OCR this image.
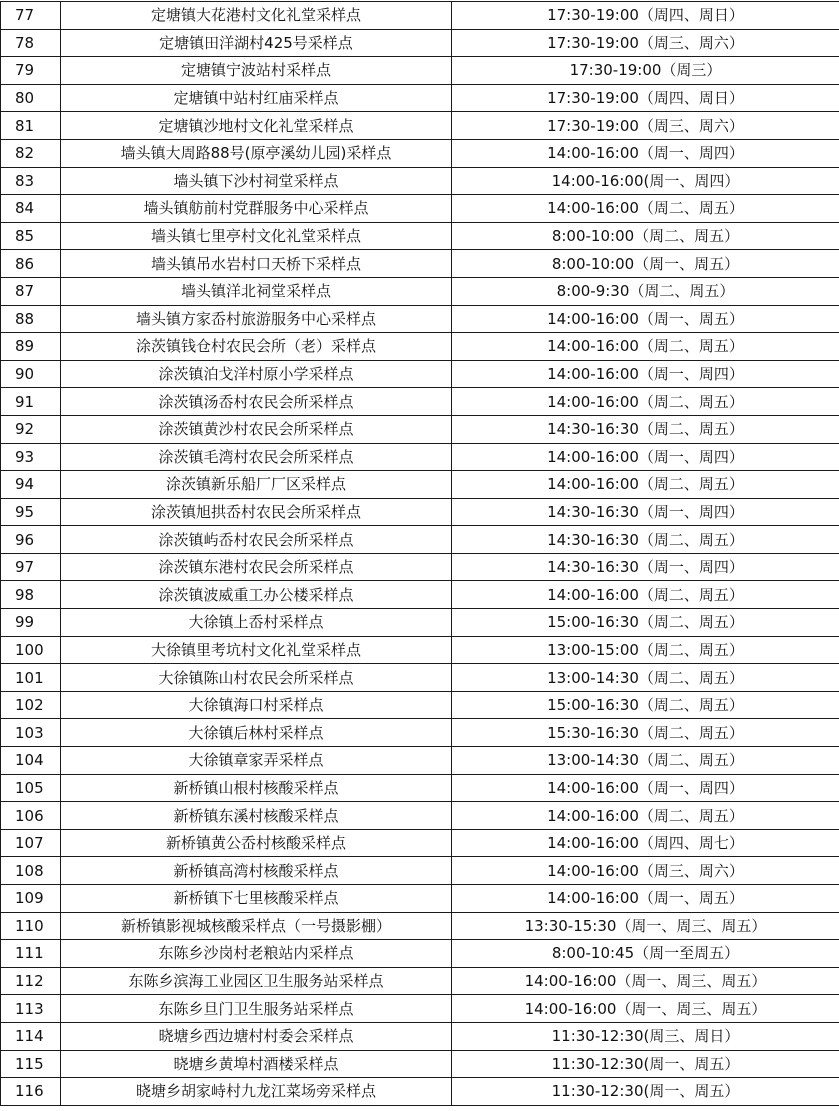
77	定塘镇大花港村文化礼堂采样点	17:30-19:00（周四、周日）
78	定塘镇田洋湖村425号采样点	17:30-19:00（周三、周六）
79	定塘镇宁波站村采样点	17:30-19:00（周三）
80	定塘镇中站村红庙采样点	17:30-19:00（周四、周日）
81	定塘镇沙地村文化礼堂采样点	17:30-19:00（周三、周六）
82	墙头镇大周路88号(原亭溪幼儿园)采样点	14:00-16:00（周一、周四）
83	墙头镇下沙村祠堂采样点	14:00-16:00(周一、周四）
84	墙头镇舫前村党群服务中心采样点	14:00-16:00（周二、周五）
85	墙头镇七里亭村文化礼堂采样点	8:00-10:00（周二、周五）
86	墙头镇吊水岩村口天桥下采样点	8:00-10:00（周一、周五）
87	墙头镇洋北祠堂采样点	8:00-9:30（周二、周五）
88	墙头镇方家岙村旅游服务中心采样点	14:00-16:00（周一、周五）
89	涂茨镇钱仓村农民会所（老）采样点	14:00-16:00（周二、周五）
90	涂茨镇泊戈洋村原小学采样点	14:00-16:00（周一、周四）
91	涂茨镇汤岙村农民会所采样点	14:00-16:00（周二、周五）
92	涂茨镇黄沙村农民会所采样点	14:30-16:30（周二、周五）
93	涂茨镇毛湾村农民会所采样点	14:00-16:00（周一、周四）
94	涂茨镇新乐船厂厂区采样点	14:00-16:00（周二、周五）
95	涂茨镇旭拱岙村农民会所采样点	14:30-16:30（周一、周四）
96	涂茨镇屿岙村农民会所采样点	14:30-16:30（周二、周五）
97	涂茨镇东港村农民会所采样点	14:30-16:30（周一、周四）
98	涂茨镇波威重工办公楼采样点	14:00-16:00（周二、周五）
99	大徐镇上岙村采样点	15:00-16:30（周二、周五）
100	大徐镇里考坑村文化礼堂采样点	13:00-15:00（周二、周五）
101	大徐镇陈山村农民会所采样点	13:00-14:30（周二、周五）
102	大徐镇海口村采样点	15:00-16:30（周二、周五）
103	大徐镇后林村采样点	15:30-16:30（周二、周五）
104	大徐镇章家弄采样点	13:00-14:30（周二、周五）
105	新桥镇山根村核酸采样点	14:00-16:00（周一、周四）
106	新桥镇东溪村核酸采样点	14:00-16:00（周二、周五）
107	新桥镇黄公岙村核酸采样点	14:00-16:00（周四、周七）
108	新桥镇高湾村核酸采样点	14:00-16:00（周三、周六）
109	新桥镇下七里核酸采样点	14:00-16:00（周一、周五）
110	新桥镇影视城核酸采样点（一号摄影棚）	13:30-15:30（周一、周三、周五）
111	东陈乡沙岗村老粮站内采样点	8:00-10:45（周一至周五）
112	东陈乡滨海工业园区卫生服务站采样点	14:00-16:00（周一、周三、周五）
113	东陈乡旦门卫生服务站采样点	14:00-16:00（周一、周三、周五）
114	晓塘乡西边塘村村委会采样点	11:30-12:30(周三、周日）
115	晓塘乡黄埠村酒楼采样点	11:30-12:30(周一、周五）
116	晓塘乡胡家峙村九龙江菜场旁采样点	11:30-12:30(周一、周五）
